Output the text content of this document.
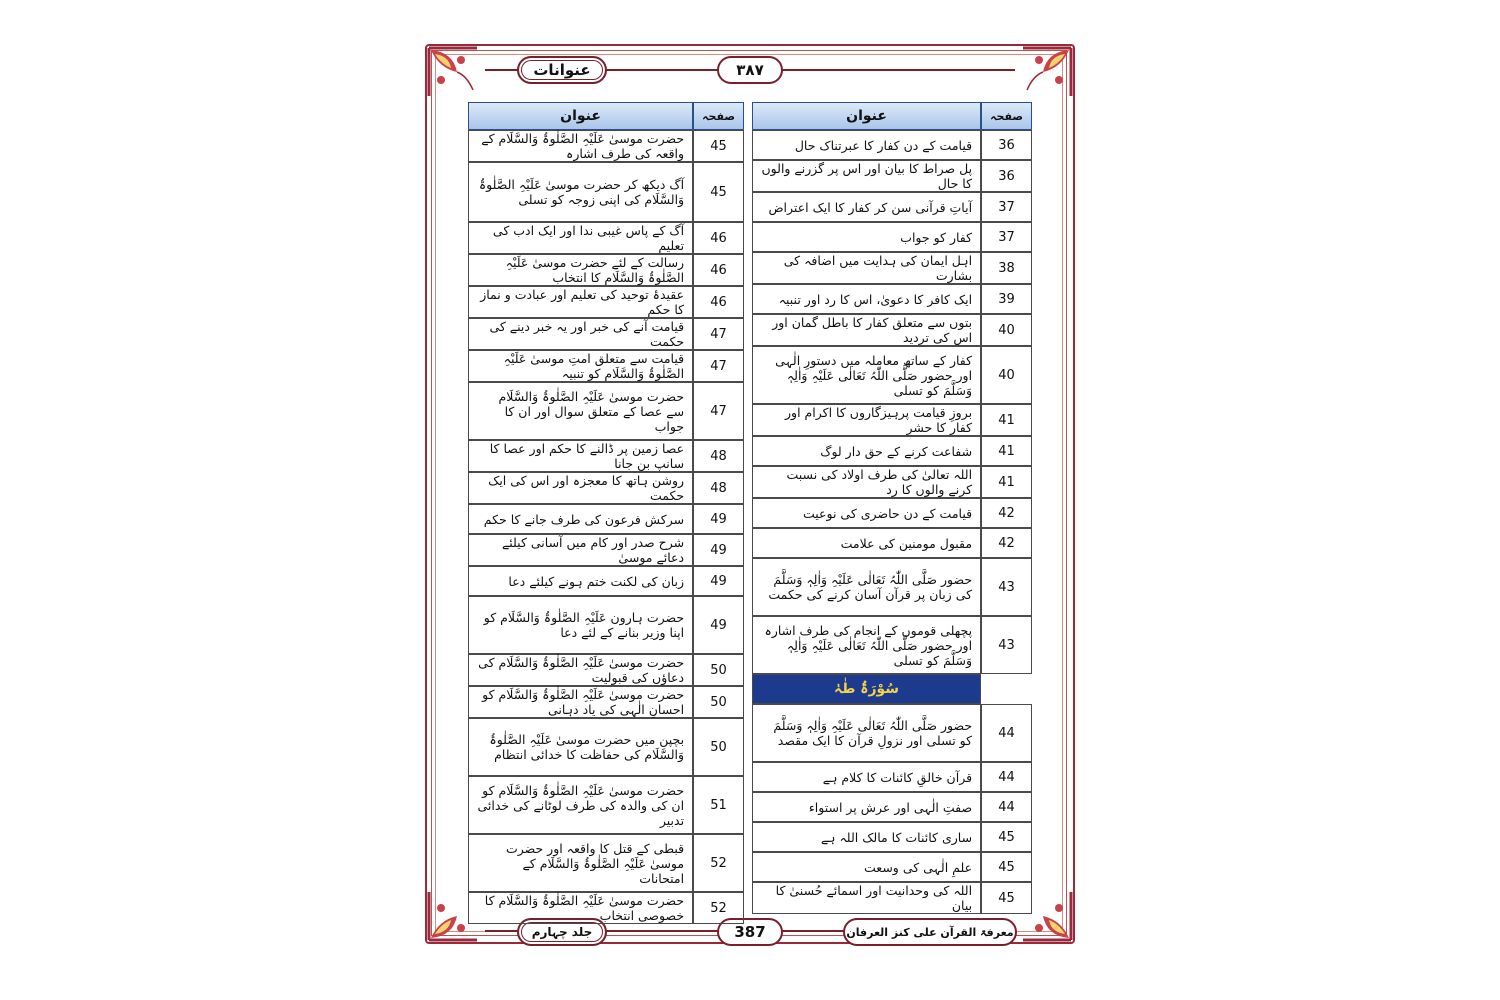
عنوانات	٣٨٧
جلد چہارم	387	معرفۃ القرآن علی کنز العرفان
صفحہ	عنوان
36	قیامت کے دن کفار کا عبرتناک حال
36	پل صراط کا بیان اور اس پر گزرنے والوں کا حال
37	آیاتِ قرآنی سن کر کفار کا ایک اعتراض
37	کفار کو جواب
38	اہل ایمان کی ہدایت میں اضافہ کی بشارت
39	ایک کافر کا دعویٰ، اس کا رد اور تنبیہ
40	بتوں سے متعلق کفار کا باطل گمان اور اس کی تردید
40	کفار کے ساتھ معاملہ میں دستورِ الٰہی اور حضور صَلَّی اللّٰہُ تَعَالٰی عَلَیْہِ وَاٰلِہٖ وَسَلَّمَ کو تسلی
41	بروزِ قیامت پرہیزگاروں کا اکرام اور کفار کا حشر
41	شفاعت کرنے کے حق دار لوگ
41	اللہ تعالیٰ کی طرف اولاد کی نسبت کرنے والوں کا رد
42	قیامت کے دن حاضری کی نوعیت
42	مقبول مومنین کی علامت
43	حضور صَلَّی اللّٰہُ تَعَالٰی عَلَیْہِ وَاٰلِہٖ وَسَلَّمَ کی زبان پر قرآن آسان کرنے کی حکمت
43	پچھلی قوموں کے انجام کی طرف اشارہ اور حضور صَلَّی اللّٰہُ تَعَالٰی عَلَیْہِ وَاٰلِہٖ وَسَلَّمَ کو تسلی
	سُوْرَۃُ طٰہٰ
44	حضور صَلَّی اللّٰہُ تَعَالٰی عَلَیْہِ وَاٰلِہٖ وَسَلَّمَ کو تسلی اور نزولِ قرآن کا ایک مقصد
44	قرآن خالقِ کائنات کا کلام ہے
44	صفتِ الٰہی اور عرش پر استواء
45	ساری کائنات کا مالک اللہ ہے
45	علمِ الٰہی کی وسعت
45	اللہ کی وحدانیت اور اسمائے حُسنیٰ کا بیان
صفحہ	عنوان
45	حضرت موسیٰ عَلَیْہِ الصَّلٰوۃُ وَالسَّلَام کے واقعہ کی طرف اشارہ
45	آگ دیکھ کر حضرت موسیٰ عَلَیْہِ الصَّلٰوۃُ وَالسَّلَام کی اپنی زوجہ کو تسلی
46	آگ کے پاس غیبی ندا اور ایک ادب کی تعلیم
46	رسالت کے لئے حضرت موسیٰ عَلَیْہِ الصَّلٰوۃُ وَالسَّلَام کا انتخاب
46	عقیدۂ توحید کی تعلیم اور عبادت و نماز کا حکم
47	قیامت آنے کی خبر اور یہ خبر دینے کی حکمت
47	قیامت سے متعلق امتِ موسیٰ عَلَیْہِ الصَّلٰوۃُ وَالسَّلَام کو تنبیہ
47	حضرت موسیٰ عَلَیْہِ الصَّلٰوۃُ وَالسَّلَام سے عصا کے متعلق سوال اور ان کا جواب
48	عصا زمین پر ڈالنے کا حکم اور عصا کا سانپ بن جانا
48	روشن ہاتھ کا معجزہ اور اس کی ایک حکمت
49	سرکش فرعون کی طرف جانے کا حکم
49	شرح صدر اور کام میں آسانی کیلئے دعائے موسیٰ
49	زبان کی لکنت ختم ہونے کیلئے دعا
49	حضرت ہارون عَلَیْہِ الصَّلٰوۃُ وَالسَّلَام کو اپنا وزیر بنانے کے لئے دعا
50	حضرت موسیٰ عَلَیْہِ الصَّلٰوۃُ وَالسَّلَام کی دعاؤں کی قبولیت
50	حضرت موسیٰ عَلَیْہِ الصَّلٰوۃُ وَالسَّلَام کو احسانِ الٰہی کی یاد دہانی
50	بچپن میں حضرت موسیٰ عَلَیْہِ الصَّلٰوۃُ وَالسَّلَام کی حفاظت کا خدائی انتظام
51	حضرت موسیٰ عَلَیْہِ الصَّلٰوۃُ وَالسَّلَام کو ان کی والدہ کی طرف لوٹانے کی خدائی تدبیر
52	قبطی کے قتل کا واقعہ اور حضرت موسیٰ عَلَیْہِ الصَّلٰوۃُ وَالسَّلَام کے امتحانات
52	حضرت موسیٰ عَلَیْہِ الصَّلٰوۃُ وَالسَّلَام کا خصوصی انتخاب
